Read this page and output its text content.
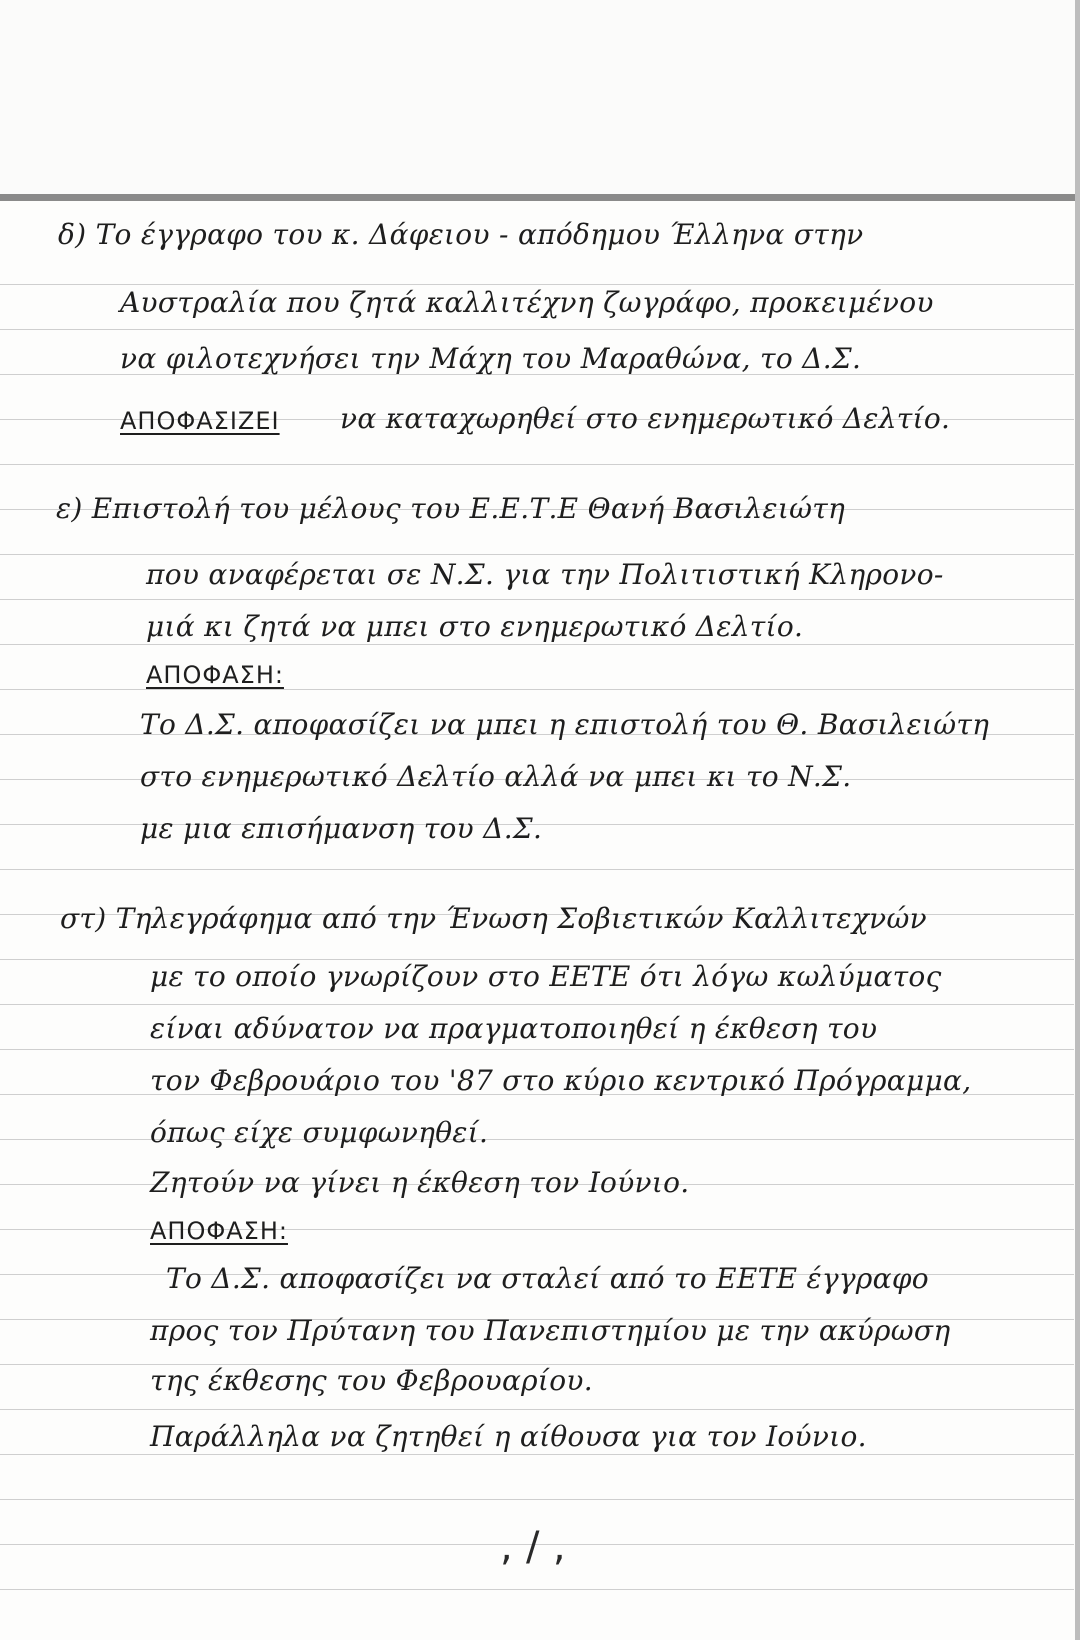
δ) Το έγγραφο του κ. Δάφειου - απόδημου Έλληνα στην

Αυστραλία που ζητά καλλιτέχνη ζωγράφο, προκειμένου

να φιλοτεχνήσει την Μάχη του Μαραθώνα, το Δ.Σ.

ΑΠΟΦΑΣΙΖΕΙ να καταχωρηθεί στο ενημερωτικό Δελτίο.

ε) Επιστολή του μέλους του Ε.Ε.Τ.Ε Θανή Βασιλειώτη

που αναφέρεται σε Ν.Σ. για την Πολιτιστική Κληρονο-

μιά κι ζητά να μπει στο ενημερωτικό Δελτίο.

ΑΠΟΦΑΣΗ:

Το Δ.Σ. αποφασίζει να μπει η επιστολή του Θ. Βασιλειώτη

στο ενημερωτικό Δελτίο αλλά να μπει κι το Ν.Σ.

με μια επισήμανση του Δ.Σ.

στ) Τηλεγράφημα από την Ένωση Σοβιετικών Καλλιτεχνών

με το οποίο γνωρίζουν στο ΕΕΤΕ ότι λόγω κωλύματος

είναι αδύνατον να πραγματοποιηθεί η έκθεση του

τον Φεβρουάριο του '87 στο κύριο κεντρικό Πρόγραμμα,

όπως είχε συμφωνηθεί.

Ζητούν να γίνει η έκθεση τον Ιούνιο.

ΑΠΟΦΑΣΗ:

Το Δ.Σ. αποφασίζει να σταλεί από το ΕΕΤΕ έγγραφο

προς τον Πρύτανη του Πανεπιστημίου με την ακύρωση

της έκθεσης του Φεβρουαρίου.

Παράλληλα να ζητηθεί η αίθουσα για τον Ιούνιο.

, / ,
